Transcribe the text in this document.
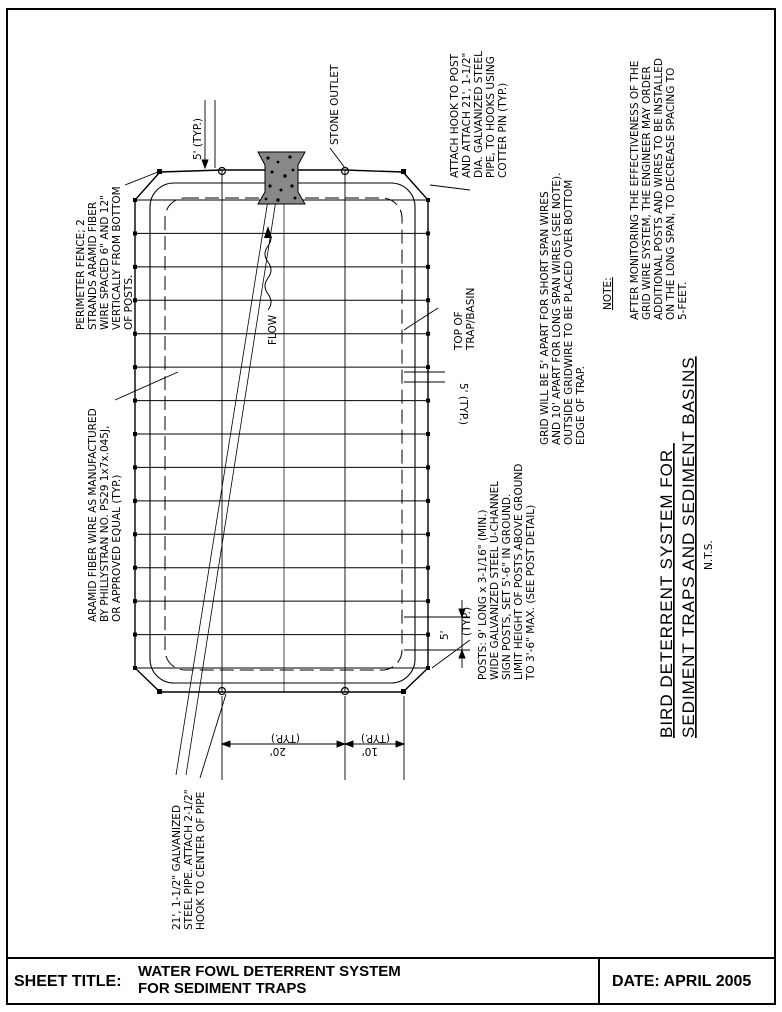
ATTACH HOOK TO POST AND ATTACH 21', 1-1/2" DIA. GALVANIZED STEEL PIPE, TO HOOKS USING COTTER PIN (TYP.)
STONE OUTLET
5' (TYP.)
PERIMETER FENCE; 2 STRANDS ARAMID FIBER WIRE SPACED 6" AND 12" VERTICALLY FROM BOTTOM OF POSTS.	FLOW	TOP OF TRAP/BASIN
5' (TYP.)	GRID WILL BE 5' APART FOR SHORT SPAN WIRES AND 10' APART FOR LONG SPAN WIRES (SEE NOTE). OUTSIDE GRIDWIRE TO BE PLACED OVER BOTTOM EDGE OF TRAP.
ARAMID FIBER WIRE AS MANUFACTURED BY PHILLYSTRAN NO. PS29 1x7x.045J, OR APPROVED EQUAL (TYP.)	POSTS: 9' LONG x 3-1/16" (MIN.) WIDE GALVANIZED STEEL U-CHANNEL SIGN POSTS, SET 5'-6" IN GROUND. LIMIT HEIGHT OF POSTS ABOVE GROUND TO 3'-6" MAX. (SEE POST DETAIL)
5' (TYP.)
20'
(TYP.)
10'
(TYP.)
21', 1-1/2" GALVANIZED STEEL PIPE. ATTACH 2-1/2" HOOK TO CENTER OF PIPE
NOTE: AFTER MONITORING THE EFFECTIVENESS OF THE GRID WIRE SYSTEM, THE ENGINEER MAY ORDER ADDITIONAL POSTS AND WIRES TO BE INSTALLED ON THE LONG SPAN, TO DECREASE SPACING TO 5-FEET.
BIRD DETERRENT SYSTEM FOR SEDIMENT TRAPS AND SEDIMENT BASINS N.T.S.
SHEET TITLE:
WATER FOWL DETERRENT SYSTEM
FOR SEDIMENT TRAPS	DATE: APRIL 2005
